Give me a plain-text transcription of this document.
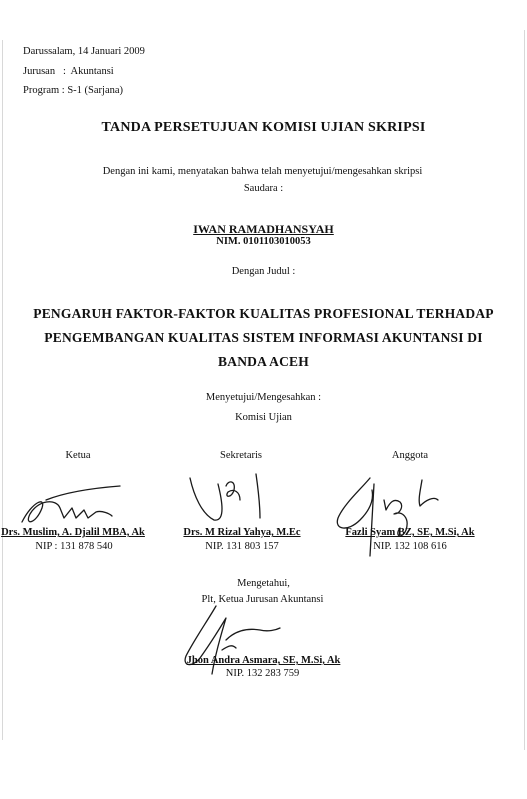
Darussalam, 14 Januari 2009
Jurusan   :  Akuntansi
Program : S-1 (Sarjana)
TANDA PERSETUJUAN KOMISI UJIAN SKRIPSI
Dengan ini kami, menyatakan bahwa telah menyetujui/mengesahkan skripsi
Saudara :
IWAN RAMADHANSYAH
NIM. 0101103010053
Dengan Judul :
PENGARUH FAKTOR-FAKTOR KUALITAS PROFESIONAL TERHADAP
PENGEMBANGAN KUALITAS SISTEM INFORMASI AKUNTANSI DI
BANDA ACEH
Menyetujui/Mengesahkan :
Komisi Ujian
Ketua	Sekretaris	Anggota
Drs. Muslim, A. Djalil MBA, Ak
NIP : 131 878 540
Drs. M Rizal Yahya, M.Ec
NIP. 131 803 157
Fazli Syam BZ, SE, M.Si, Ak
NIP. 132 108 616
Mengetahui,
Plt, Ketua Jurusan Akuntansi
Jhon Andra Asmara, SE, M.Si, Ak
NIP. 132 283 759
